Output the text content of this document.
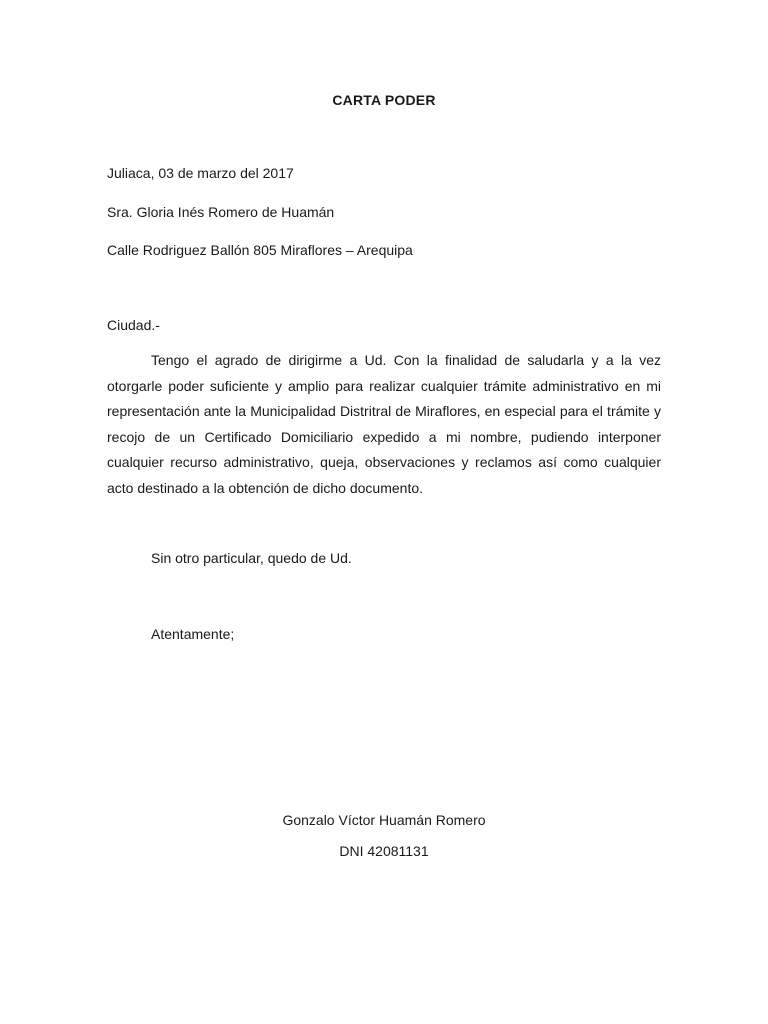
CARTA PODER
Juliaca, 03 de marzo del 2017
Sra. Gloria Inés Romero de Huamán
Calle Rodriguez Ballón 805 Miraflores – Arequipa
Ciudad.-

Tengo el agrado de dirigirme a Ud. Con la finalidad de saludarla y a la vez otorgarle poder suficiente y amplio para realizar cualquier trámite administrativo en mi representación ante la Municipalidad Distritral de Miraflores, en especial para el trámite y recojo de un Certificado Domiciliario expedido a mi nombre, pudiendo interponer cualquier recurso administrativo, queja, observaciones y reclamos así como cualquier acto destinado a la obtención de dicho documento.

Sin otro particular, quedo de Ud.
Atentamente;
Gonzalo Víctor Huamán Romero
DNI 42081131
